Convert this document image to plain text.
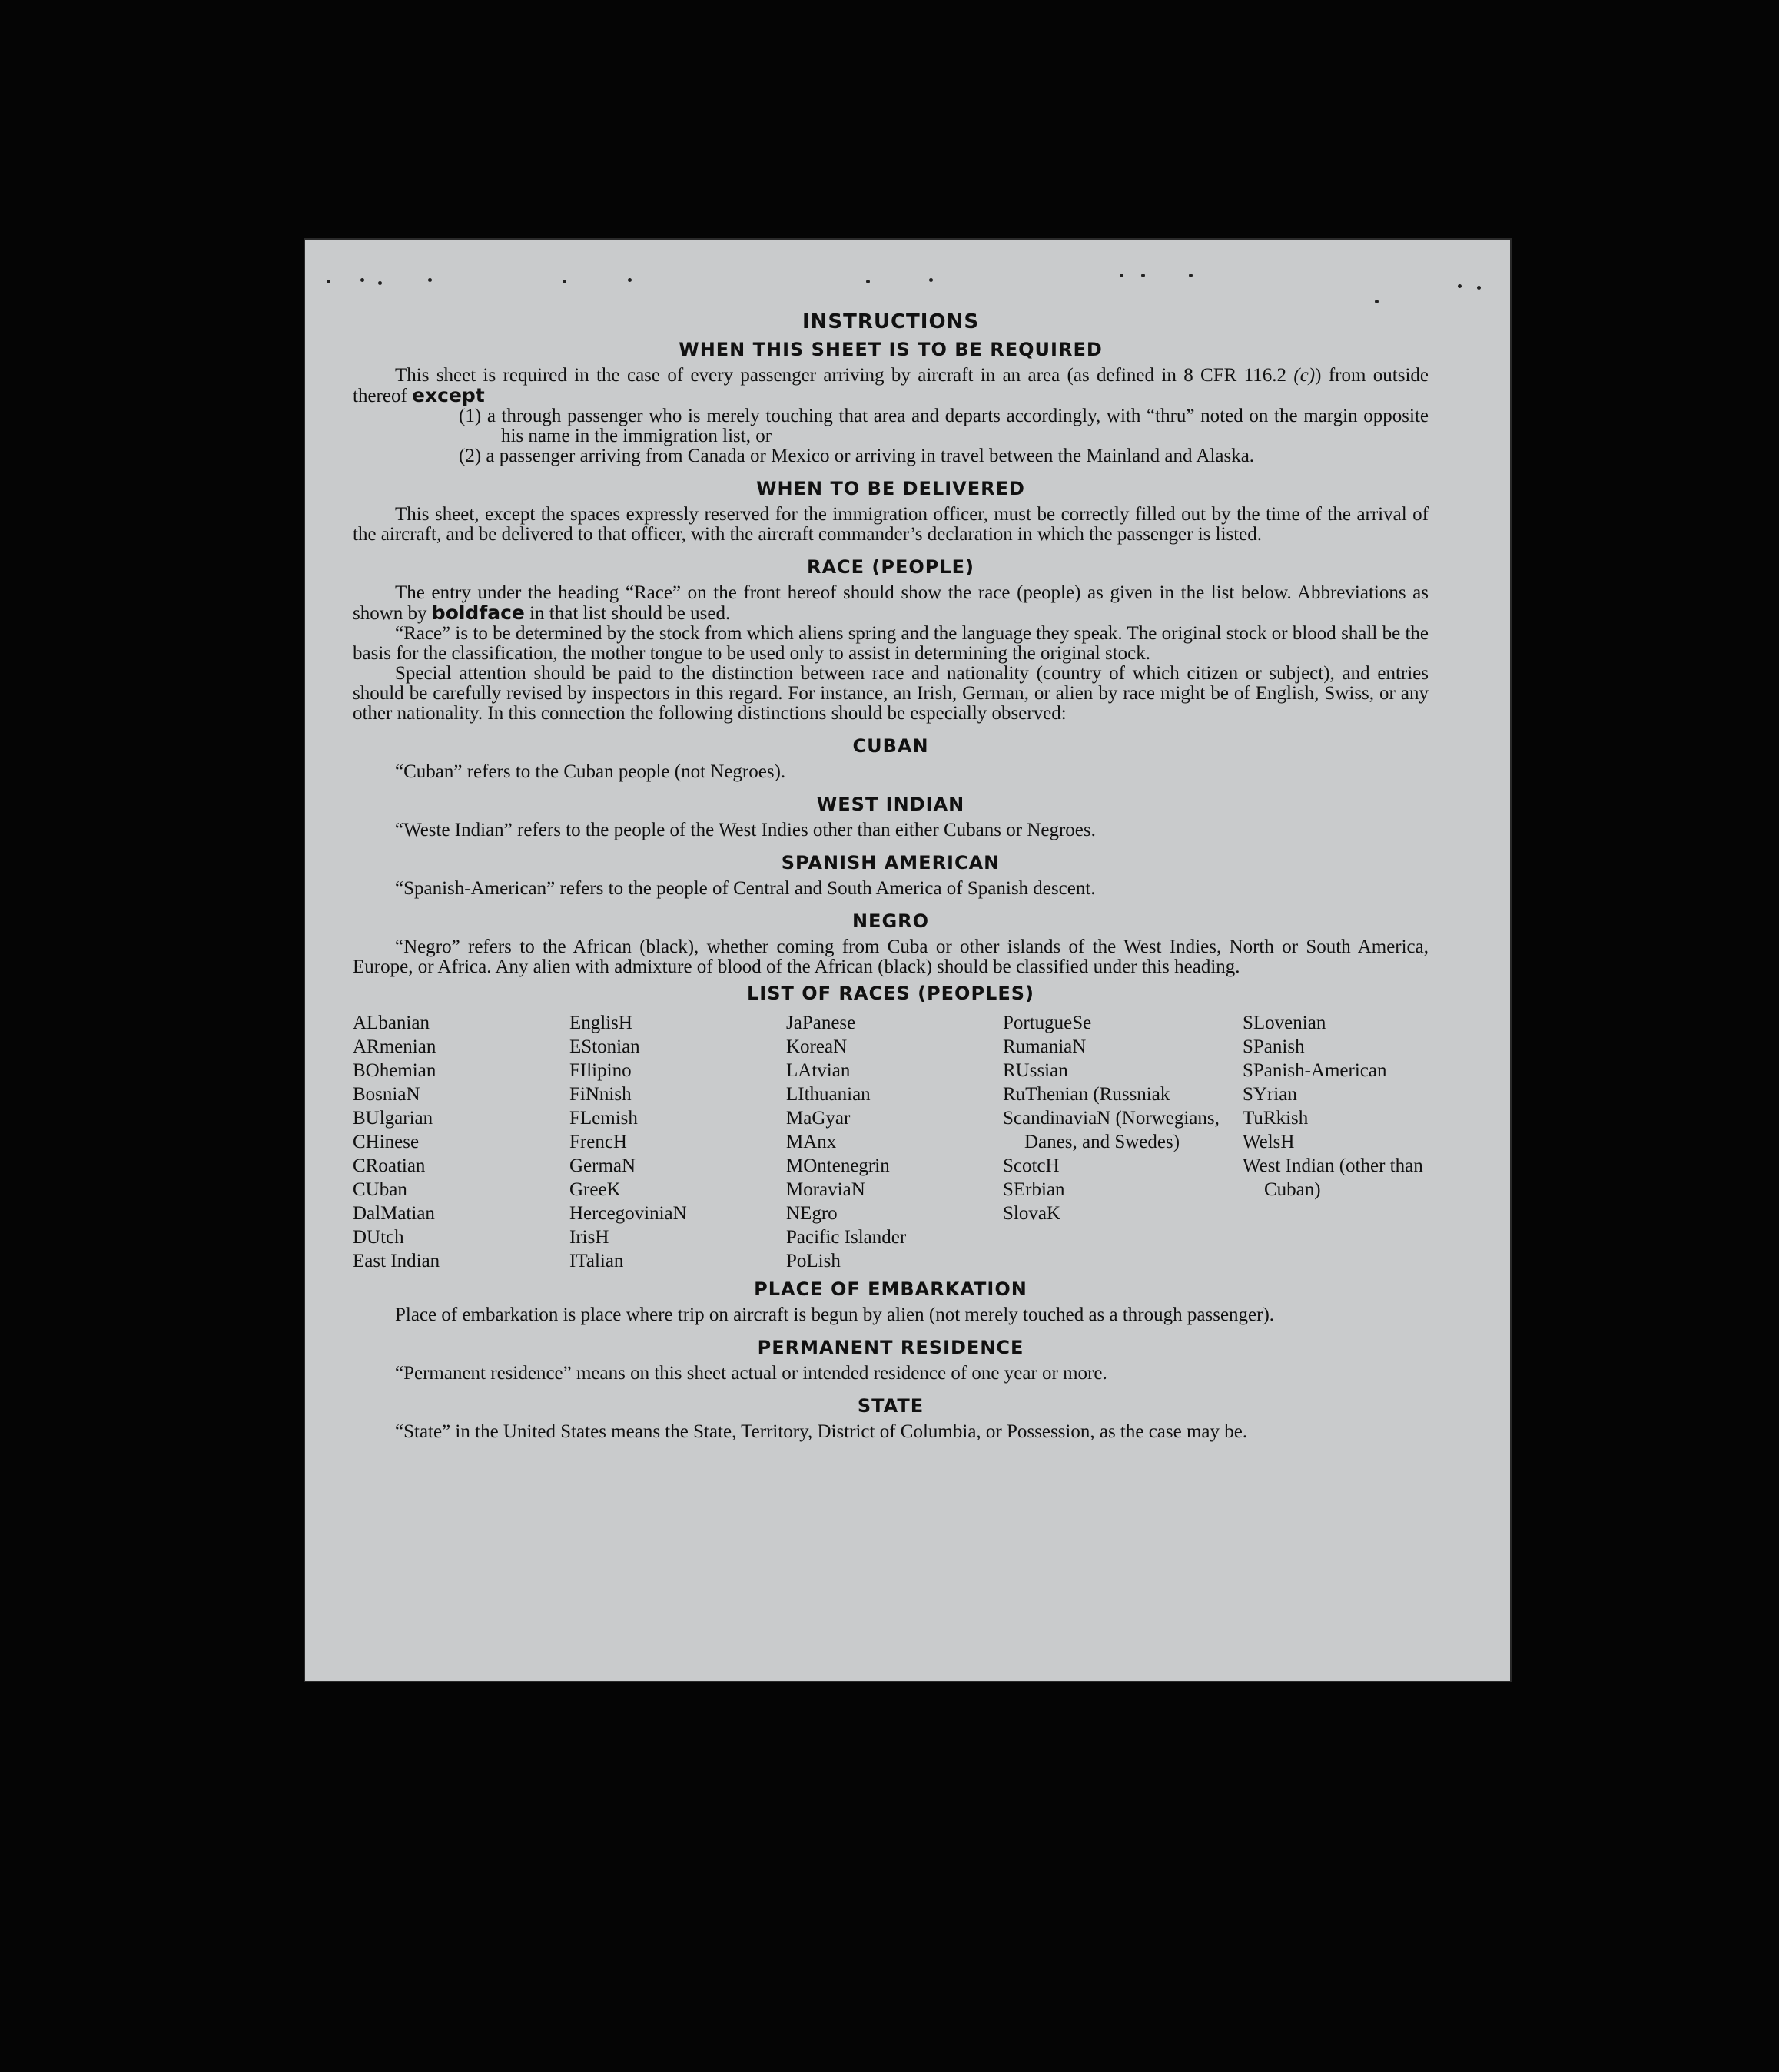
INSTRUCTIONS
WHEN THIS SHEET IS TO BE REQUIRED

This sheet is required in the case of every passenger arriving by aircraft in an area (as defined in 8 CFR 116.2 (c)) from outside thereof except

(1) a through passenger who is merely touching that area and departs accordingly, with “thru” noted on the margin opposite his name in the immigration list, or

(2) a passenger arriving from Canada or Mexico or arriving in travel between the Mainland and Alaska.

WHEN TO BE DELIVERED

This sheet, except the spaces expressly reserved for the immigration officer, must be correctly filled out by the time of the arrival of the aircraft, and be delivered to that officer, with the aircraft commander’s declaration in which the passenger is listed.

RACE (PEOPLE)

The entry under the heading “Race” on the front hereof should show the race (people) as given in the list below. Abbreviations as shown by boldface in that list should be used.

“Race” is to be determined by the stock from which aliens spring and the language they speak. The original stock or blood shall be the basis for the classification, the mother tongue to be used only to assist in determining the original stock.

Special attention should be paid to the distinction between race and nationality (country of which citizen or subject), and entries should be carefully revised by inspectors in this regard. For instance, an Irish, German, or alien by race might be of English, Swiss, or any other nationality. In this connection the following distinctions should be especially observed:

CUBAN

“Cuban” refers to the Cuban people (not Negroes).

WEST INDIAN

“Weste Indian” refers to the people of the West Indies other than either Cubans or Negroes.

SPANISH AMERICAN

“Spanish-American” refers to the people of Central and South America of Spanish descent.

NEGRO

“Negro” refers to the African (black), whether coming from Cuba or other islands of the West Indies, North or South America, Europe, or Africa. Any alien with admixture of blood of the African (black) should be classified under this heading.

LIST OF RACES (PEOPLES)
ALbanian
ARmenian
BOhemian
BosniaN
BUlgarian
CHinese
CRoatian
CUban
DalMatian
DUtch
East Indian
EnglisH
EStonian
FIlipino
FiNnish
FLemish
FrencH
GermaN
GreeK
HercegoviniaN
IrisH
ITalian
JaPanese
KoreaN
LAtvian
LIthuanian
MaGyar
MAnx
MOntenegrin
MoraviaN
NEgro
Pacific Islander
PoLish
PortugueSe
RumaniaN
RUssian
RuThenian (Russniak
ScandinaviaN (Norwegians, Danes, and Swedes)
ScotcH
SErbian
SlovaK
SLovenian
SPanish
SPanish-American
SYrian
TuRkish
WelsH
West Indian (other than Cuban)
PLACE OF EMBARKATION

Place of embarkation is place where trip on aircraft is begun by alien (not merely touched as a through passenger).

PERMANENT RESIDENCE

“Permanent residence” means on this sheet actual or intended residence of one year or more.

STATE

“State” in the United States means the State, Territory, District of Columbia, or Possession, as the case may be.
